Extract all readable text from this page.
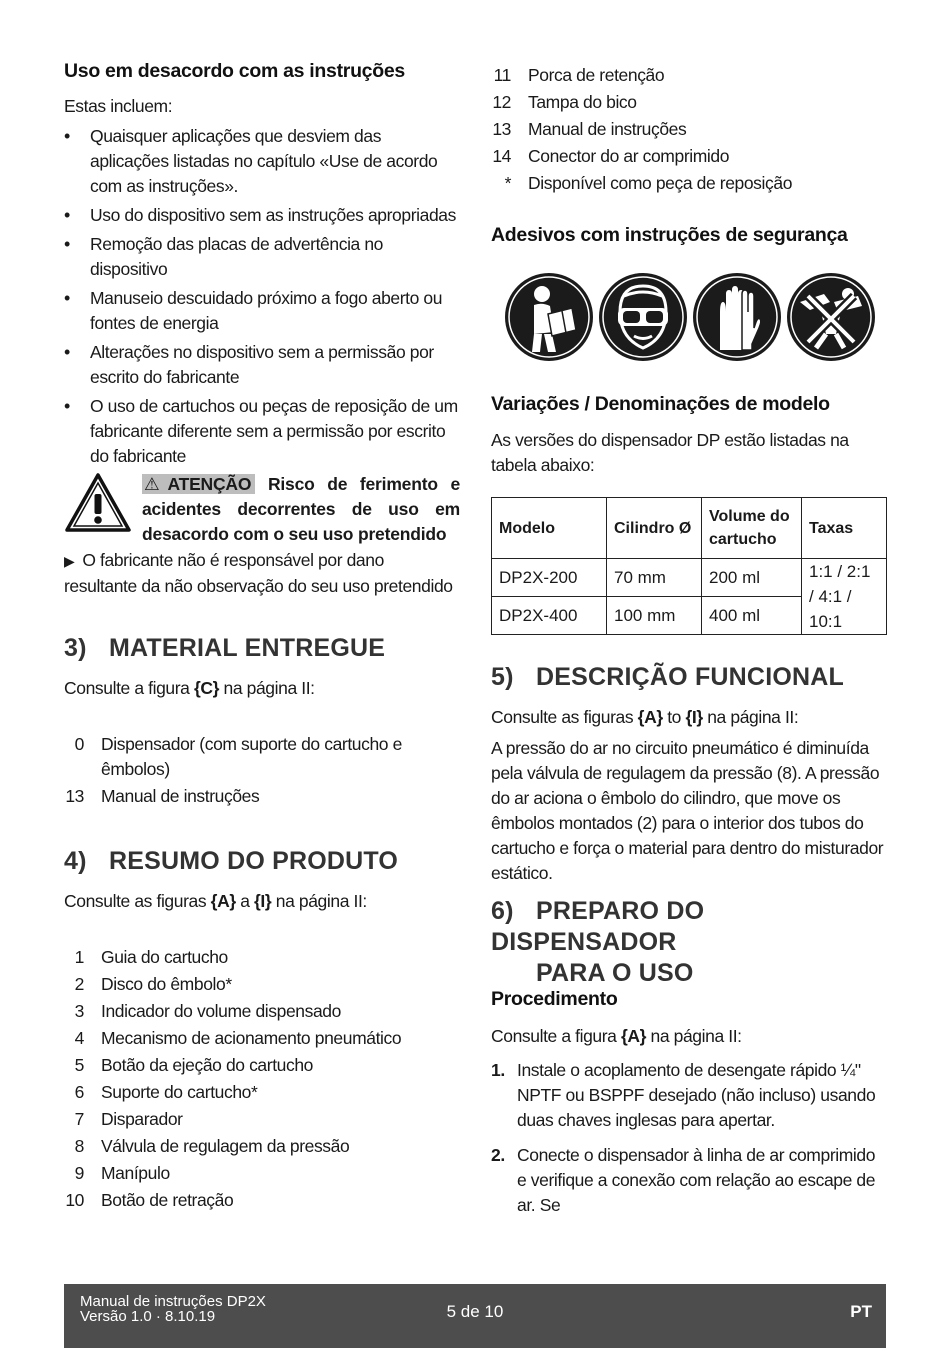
Uso em desacordo com as instruções
Estas incluem:
• Quaisquer aplicações que desviem das aplicações listadas no capítulo «Use de acordo com as instruções».
• Uso do dispositivo sem as instruções apropriadas
• Remoção das placas de advertência no dispositivo
• Manuseio descuidado próximo a fogo aberto ou fontes de energia
• Alterações no dispositivo sem a permissão por escrito do fabricante
• O uso de cartuchos ou peças de reposição de um fabricante diferente sem a permissão por escrito do fabricante
⚠ATENÇÃO Risco de ferimento e acidentes decorrentes de uso em desacordo com o seu uso pretendido
▶ O fabricante não é responsável por dano resultante da não observação do seu uso pretendido
3) MATERIAL ENTREGUE
Consulte a figura {C} na página II:
0 Dispensador (com suporte do cartucho e êmbolos)
13 Manual de instruções
4) RESUMO DO PRODUTO
Consulte as figuras {A} a {I} na página II:
1 Guia do cartucho
2 Disco do êmbolo*
3 Indicador do volume dispensado
4 Mecanismo de acionamento pneumático
5 Botão da ejeção do cartucho
6 Suporte do cartucho*
7 Disparador
8 Válvula de regulagem da pressão
9 Manípulo
10 Botão de retração
11 Porca de retenção
12 Tampa do bico
13 Manual de instruções
14 Conector do ar comprimido
* Disponível como peça de reposição
Adesivos com instruções de segurança
Variações / Denominações de modelo
As versões do dispensador DP estão listadas na tabela abaixo:
Modelo	Cilindro Ø	Volume do cartucho	Taxas
DP2X-200	70 mm	200 ml	1:1 / 2:1 / 4:1 / 10:1
DP2X-400	100 mm	400 ml	
5) DESCRIÇÃO FUNCIONAL
Consulte as figuras {A} to {I} na página II:
A pressão do ar no circuito pneumático é diminuída pela válvula de regulagem da pressão (8). A pressão do ar aciona o êmbolo do cilindro, que move os êmbolos montados (2) para o interior dos tubos do cartucho e força o material para dentro do misturador estático.
6) PREPARO DO DISPENSADOR
PARA O USO
Procedimento
Consulte a figura {A} na página II:
1. Instale o acoplamento de desengate rápido ¼" NPTF ou BSPPF desejado (não incluso) usando duas chaves inglesas para apertar.
2. Conecte o dispensador à linha de ar comprimido e verifique a conexão com relação ao escape de ar. Se
Manual de instruções DP2X
Versão 1.0 · 8.10.19	5 de 10	PT
